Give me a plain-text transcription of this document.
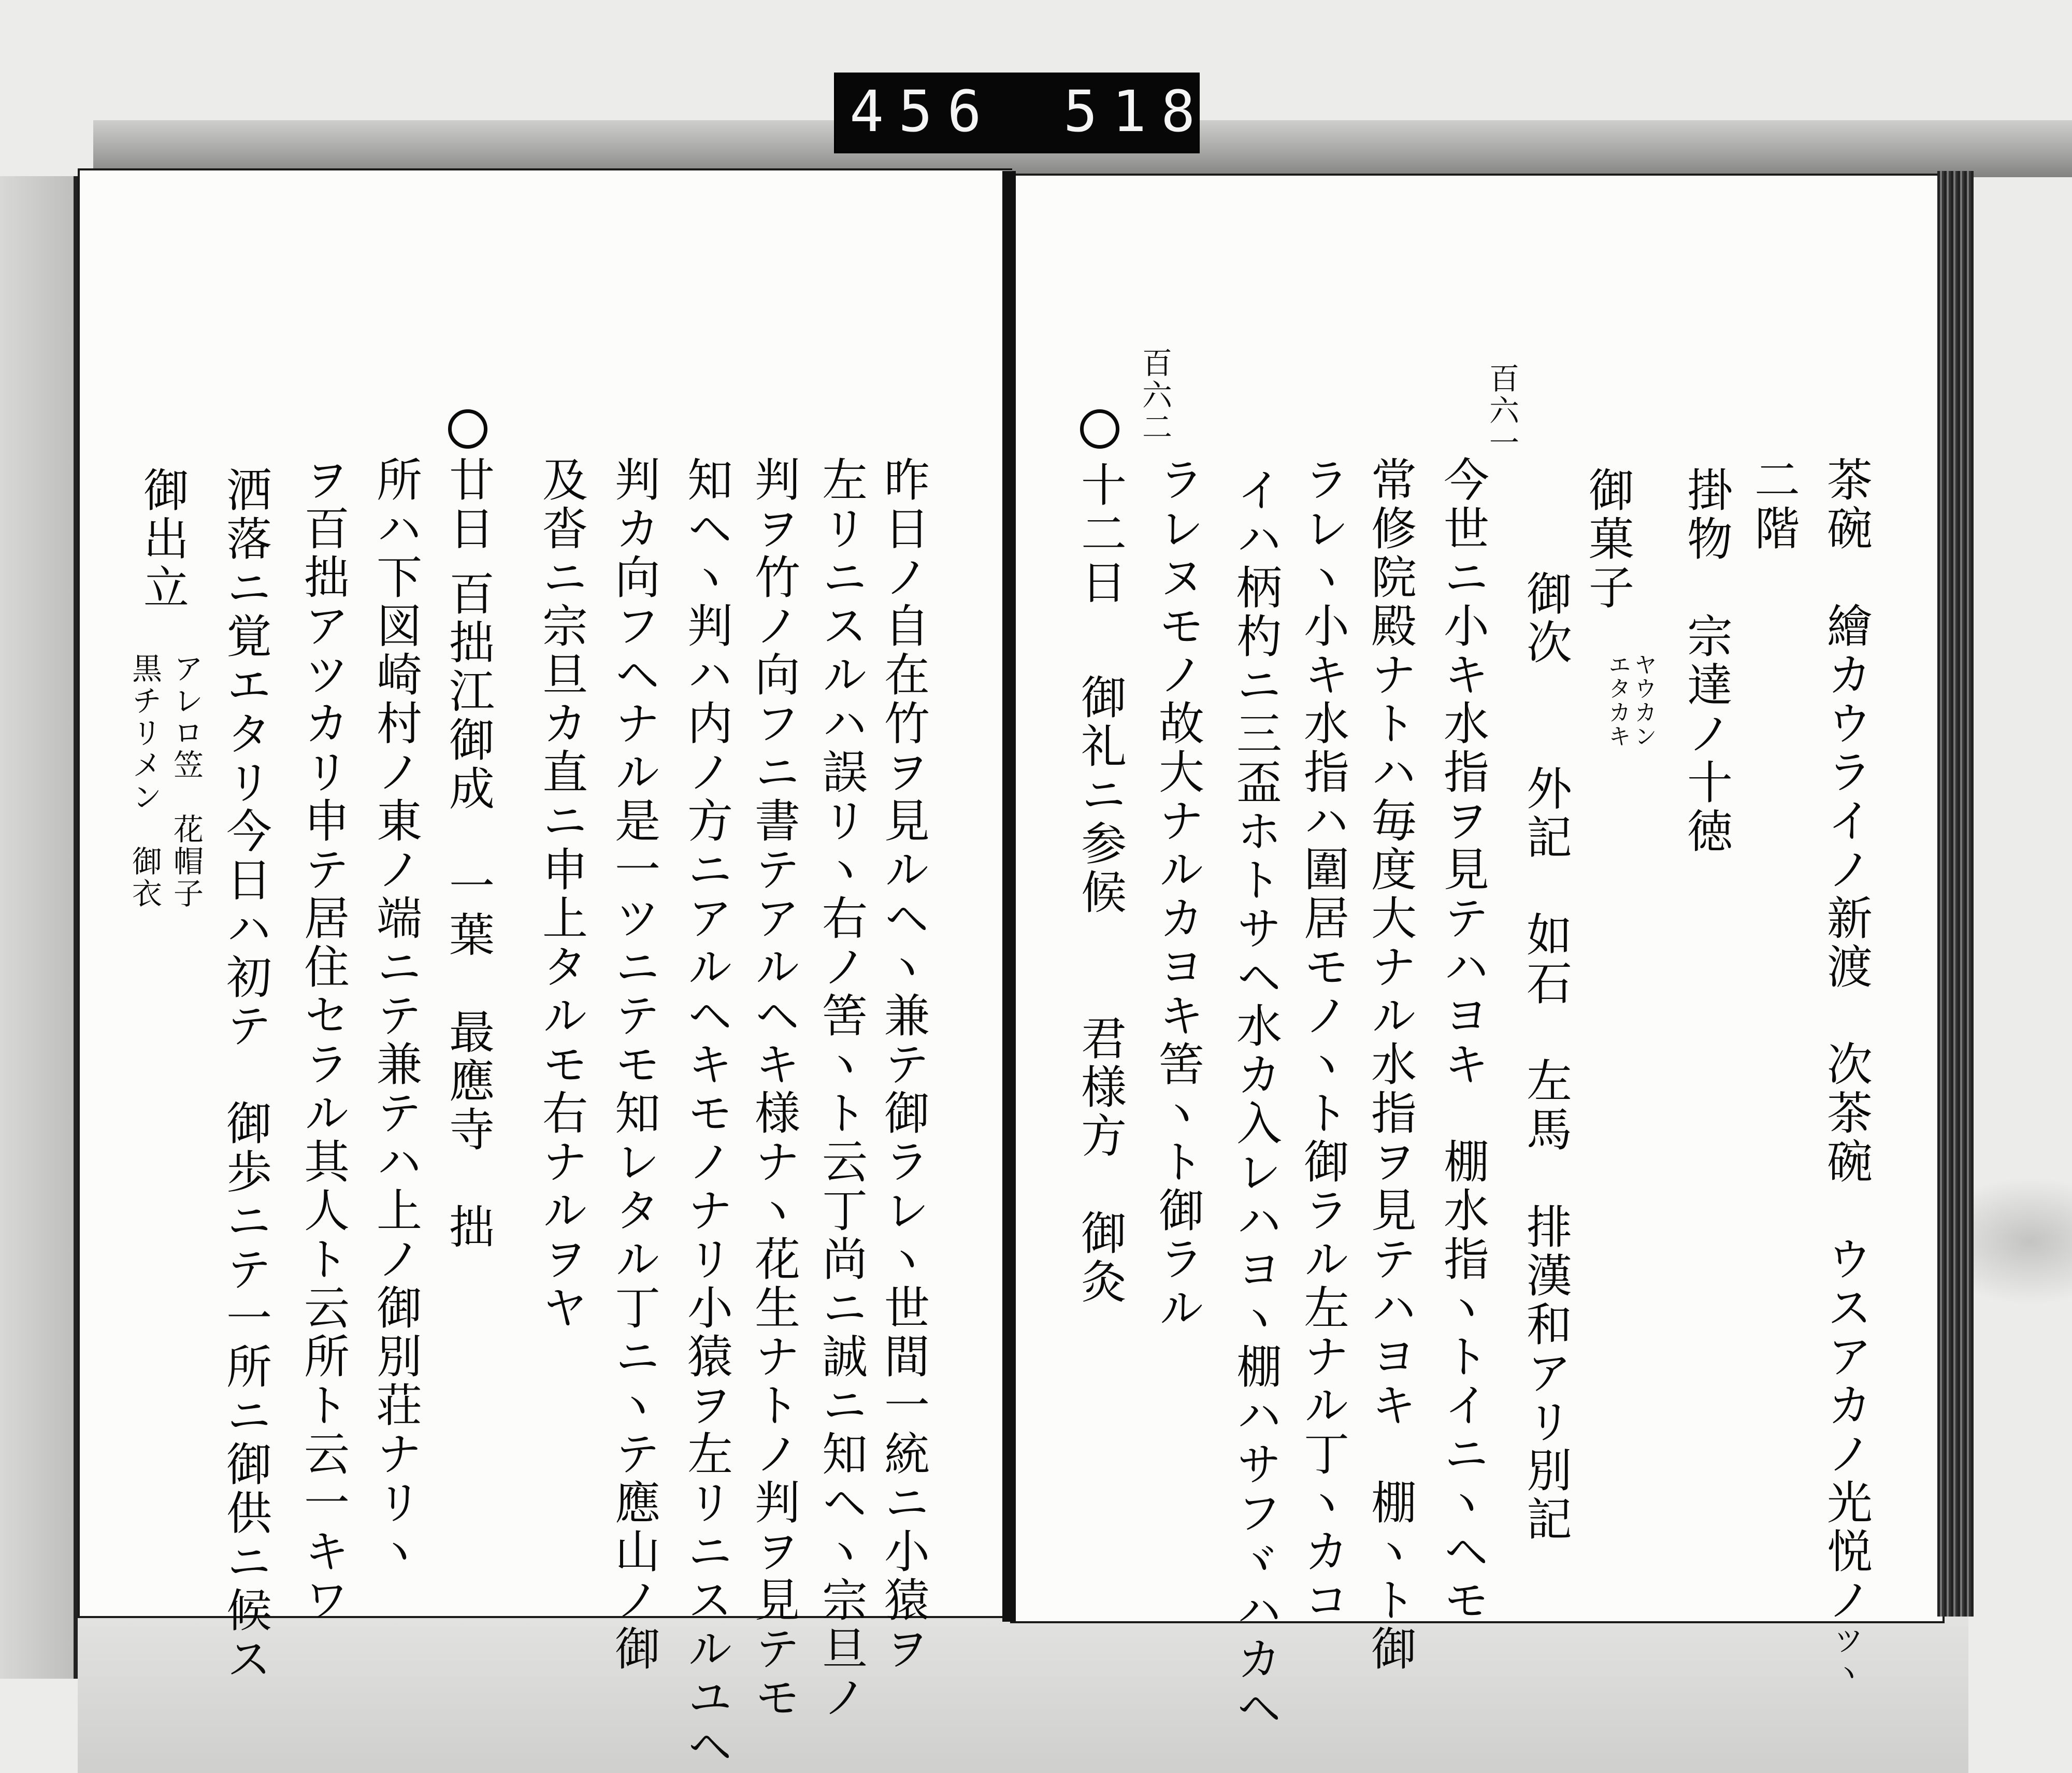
456 518
茶碗　繪カウライノ新渡　次茶碗　ウスアカノ光悦ノツヽ
二階
掛物　宗達ノ十徳
御菓子
ヤウカン
エタカキ
御次　　外記　如石　左馬　排漢和アリ別記
百六一
今世ニ小キ水指ヲ見テハヨキ　棚水指ヽトイニヽヘモ
常修院殿ナトハ毎度大ナル水指ヲ見テハヨキ　棚ヽト御
ラレヽ小キ水指ハ圍居モノヽト御ラル左ナル丁ヽカコ
イハ柄杓ニ三盃ホトサヘ水カ入レハヨヽ棚ハサフヾハカヘ
百六二
ラレヌモノ故大ナルカヨキ筈ヽト御ラル
十二日
御礼ニ参候　　君様方　御灸
昨日ノ自在竹ヲ見ルヘヽ兼テ御ラレヽ世間一統ニ小猿ヲ
左リニスルハ誤リヽ右ノ筈ヽト云丁尚ニ誠ニ知ヘヽ宗旦ノ
判ヲ竹ノ向フニ書テアルヘキ様ナヽ花生ナトノ判ヲ見テモ
知ヘヽ判ハ内ノ方ニアルヘキモノナリ小猿ヲ左リニスルユヘ
判カ向フヘナル是一ツニテモ知レタル丁ニヽテ應山ノ御
及沓ニ宗旦カ直ニ申上タルモ右ナルヲヤ
廿日
百拙江御成　一葉　最應寺　拙
所ハ下図崎村ノ東ノ端ニテ兼テハ上ノ御別荘ナリヽ
ヲ百拙アツカリ申テ居住セラル其人ト云所ト云一キワ
洒落ニ覚エタリ今日ハ初テ　御歩ニテ一所ニ御供ニ候ス
御出立
アレロ笠　花帽子
黒チリメン　御衣
